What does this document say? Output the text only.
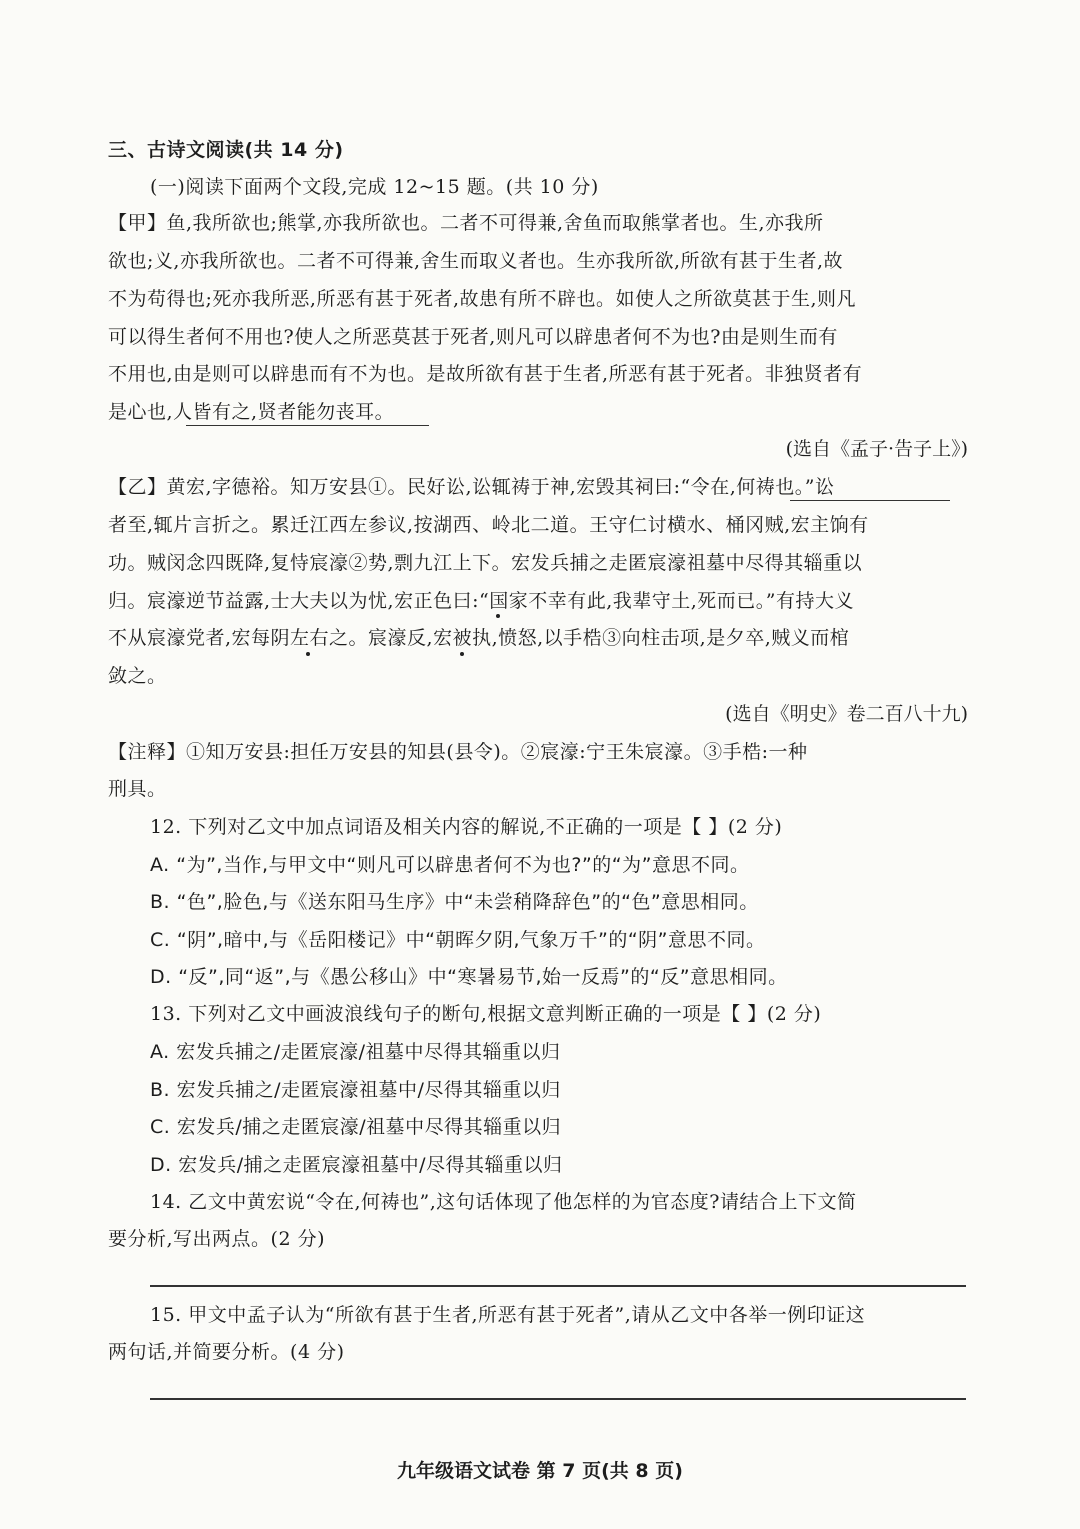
三、古诗文阅读(共 14 分)
(一)阅读下面两个文段,完成 12~15 题。(共 10 分)
【甲】鱼,我所欲也;熊掌,亦我所欲也。二者不可得兼,舍鱼而取熊掌者也。生,亦我所
欲也;义,亦我所欲也。二者不可得兼,舍生而取义者也。生亦我所欲,所欲有甚于生者,故
不为苟得也;死亦我所恶,所恶有甚于死者,故患有所不辟也。如使人之所欲莫甚于生,则凡
可以得生者何不用也?使人之所恶莫甚于死者,则凡可以辟患者何不为也?由是则生而有
不用也,由是则可以辟患而有不为也。是故所欲有甚于生者,所恶有甚于死者。非独贤者有
是心也,人皆有之,贤者能勿丧耳。
(选自《孟子·告子上》)
【乙】黄宏,字德裕。知万安县①。民好讼,讼辄祷于神,宏毁其祠曰:“令在,何祷也。”讼
者至,辄片言折之。累迁江西左参议,按湖西、岭北二道。王守仁讨横水、桶冈贼,宏主饷有
功。贼闵念四既降,复恃宸濠②势,剽九江上下。宏发兵捕之走匿宸濠祖墓中尽得其辎重以
归。宸濠逆节益露,士大夫以为忧,宏正色曰:“国家不幸有此,我辈守土,死而已。”有持大义
不从宸濠党者,宏每阴左右之。宸濠反,宏被执,愤怒,以手梏③向柱击项,是夕卒,贼义而棺
敛之。
(选自《明史》卷二百八十九)
【注释】①知万安县:担任万安县的知县(县令)。②宸濠:宁王朱宸濠。③手梏:一种
刑具。
12. 下列对乙文中加点词语及相关内容的解说,不正确的一项是【 】(2 分)
A. “为”,当作,与甲文中“则凡可以辟患者何不为也?”的“为”意思不同。
B. “色”,脸色,与《送东阳马生序》中“未尝稍降辞色”的“色”意思相同。
C. “阴”,暗中,与《岳阳楼记》中“朝晖夕阴,气象万千”的“阴”意思不同。
D. “反”,同“返”,与《愚公移山》中“寒暑易节,始一反焉”的“反”意思相同。
13. 下列对乙文中画波浪线句子的断句,根据文意判断正确的一项是【 】(2 分)
A. 宏发兵捕之/走匿宸濠/祖墓中尽得其辎重以归
B. 宏发兵捕之/走匿宸濠祖墓中/尽得其辎重以归
C. 宏发兵/捕之走匿宸濠/祖墓中尽得其辎重以归
D. 宏发兵/捕之走匿宸濠祖墓中/尽得其辎重以归
14. 乙文中黄宏说“令在,何祷也”,这句话体现了他怎样的为官态度?请结合上下文简
要分析,写出两点。(2 分)
15. 甲文中孟子认为“所欲有甚于生者,所恶有甚于死者”,请从乙文中各举一例印证这
两句话,并简要分析。(4 分)
九年级语文试卷 第 7 页(共 8 页)
